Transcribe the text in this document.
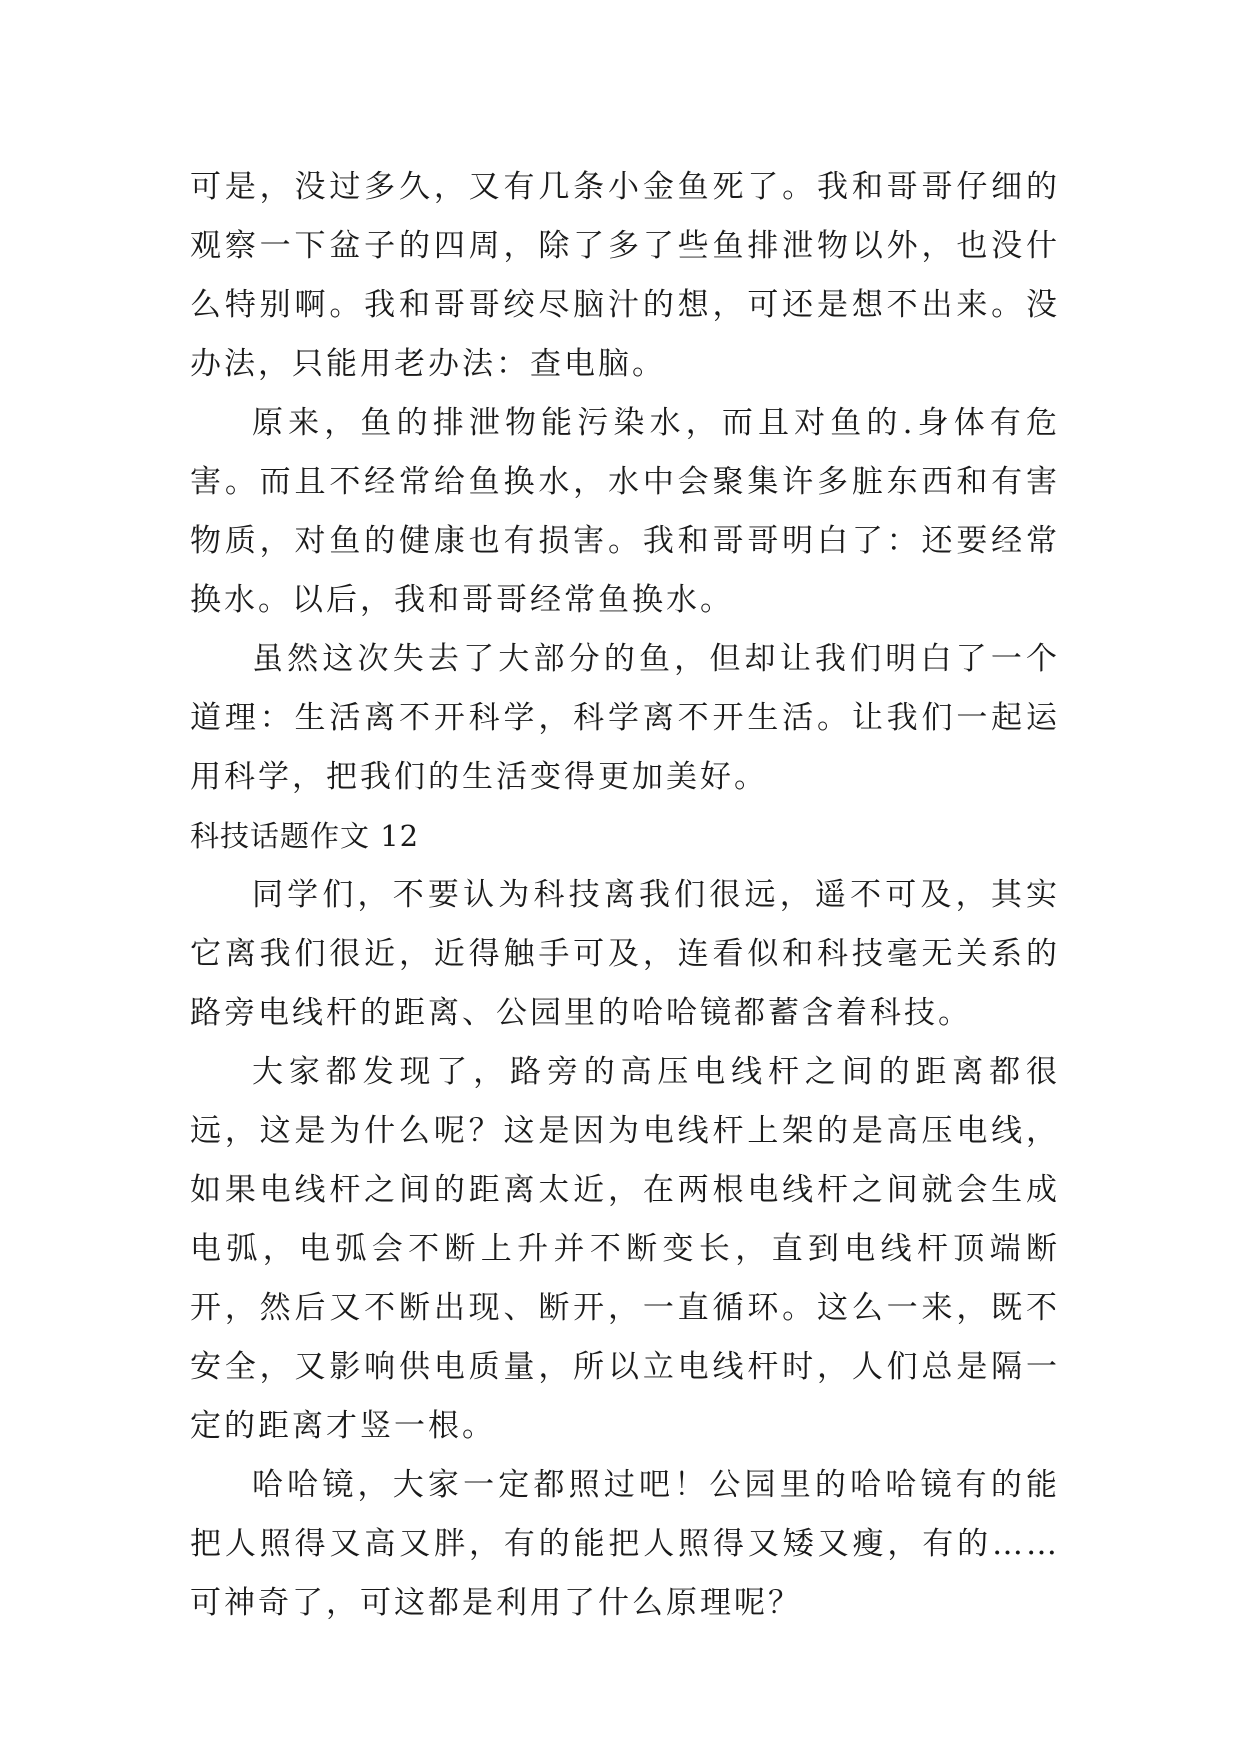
可是，没过多久，又有几条小金鱼死了。我和哥哥仔细的观察一下盆子的四周，除了多了些鱼排泄物以外，也没什么特别啊。我和哥哥绞尽脑汁的想，可还是想不出来。没办法，只能用老办法：查电脑。

原来，鱼的排泄物能污染水，而且对鱼的.身体有危害。而且不经常给鱼换水，水中会聚集许多脏东西和有害物质，对鱼的健康也有损害。我和哥哥明白了：还要经常换水。以后，我和哥哥经常鱼换水。

虽然这次失去了大部分的鱼，但却让我们明白了一个道理：生活离不开科学，科学离不开生活。让我们一起运用科学，把我们的生活变得更加美好。

科技话题作文 12

同学们，不要认为科技离我们很远，遥不可及，其实它离我们很近，近得触手可及，连看似和科技毫无关系的路旁电线杆的距离、公园里的哈哈镜都蓄含着科技。

大家都发现了，路旁的高压电线杆之间的距离都很远，这是为什么呢？这是因为电线杆上架的是高压电线，如果电线杆之间的距离太近，在两根电线杆之间就会生成电弧，电弧会不断上升并不断变长，直到电线杆顶端断开，然后又不断出现、断开，一直循环。这么一来，既不安全，又影响供电质量，所以立电线杆时，人们总是隔一定的距离才竖一根。

哈哈镜，大家一定都照过吧！公园里的哈哈镜有的能把人照得又高又胖，有的能把人照得又矮又瘦，有的……可神奇了，可这都是利用了什么原理呢？
